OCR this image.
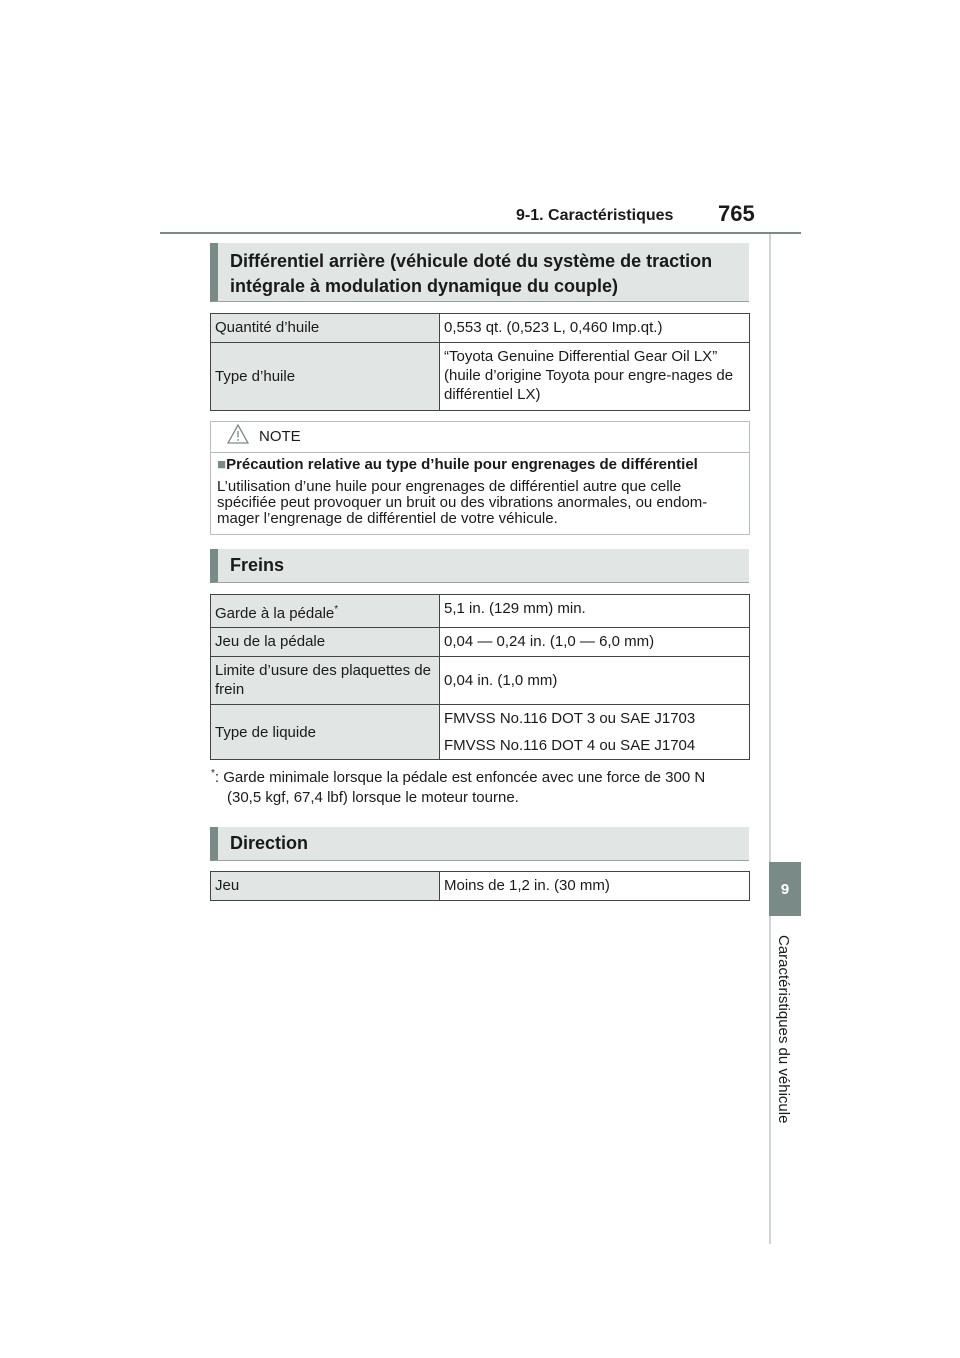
9-1. Caractéristiques 765
9
Caractéristiques du véhicule
Différentiel arrière (véhicule doté du système de traction
intégrale à modulation dynamique du couple)
Quantité d’huile	0,553 qt. (0,523 L, 0,460 Imp.qt.)
Type d’huile	“Toyota Genuine Differential Gear Oil LX” (huile d’origine Toyota pour engre-nages de différentiel LX)
NOTE
■Précaution relative au type d’huile pour engrenages de différentiel
L’utilisation d’une huile pour engrenages de différentiel autre que celle spécifiée peut provoquer un bruit ou des vibrations anormales, ou endom-mager l’engrenage de différentiel de votre véhicule.
Freins
Garde à la pédale*	5,1 in. (129 mm) min.
Jeu de la pédale	0,04 — 0,24 in. (1,0 — 6,0 mm)
Limite d’usure des plaquettes de frein	0,04 in. (1,0 mm)
Type de liquide	FMVSS No.116 DOT 3 ou SAE J1703

FMVSS No.116 DOT 4 ou SAE J1704

*: Garde minimale lorsque la pédale est enfoncée avec une force de 300 N
(30,5 kgf, 67,4 lbf) lorsque le moteur tourne.
Direction
Jeu	Moins de 1,2 in. (30 mm)
